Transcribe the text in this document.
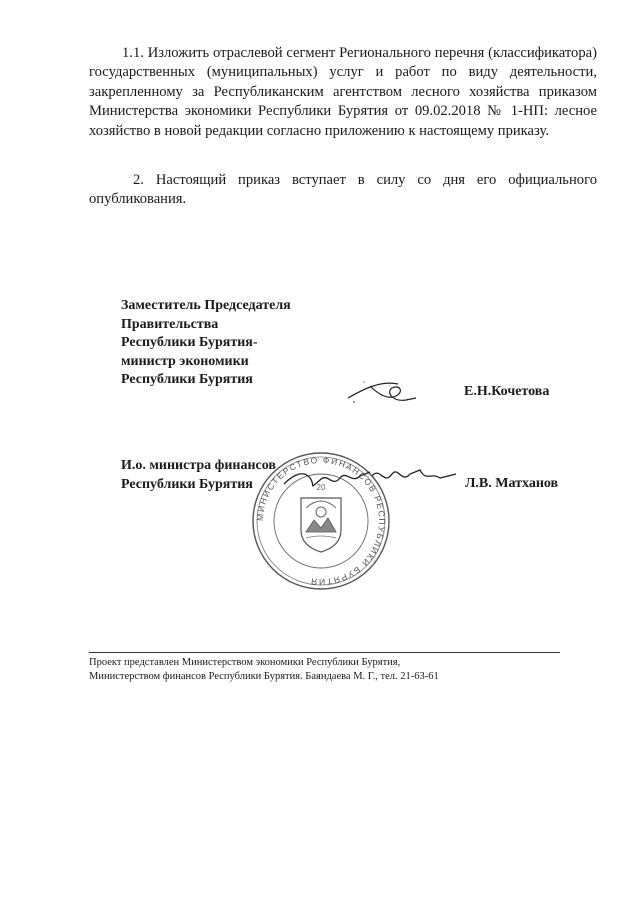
1.1. Изложить отраслевой сегмент Регионального перечня (классификатора) государственных (муниципальных) услуг и работ по виду деятельности, закрепленному за Республиканским агентством лесного хозяйства приказом Министерства экономики Республики Бурятия от 09.02.2018 № 1-НП: лесное хозяйство в новой редакции согласно приложению к настоящему приказу.
2. Настоящий приказ вступает в силу со дня его официального опубликования.
Заместитель Председателя
Правительства
Республики Бурятия-
министр экономики
Республики Бурятия
Е.Н.Кочетова
И.о. министра финансов
Республики Бурятия	Л.В. Матханов
МИНИСТЕРСТВО ФИНАНСОВ РЕСПУБЛИКИ БУРЯТИЯ
20
Проект представлен Министерством экономики Республики Бурятия,
Министерством финансов Республики Бурятия. Баяндаева М. Г., тел. 21-63-61
